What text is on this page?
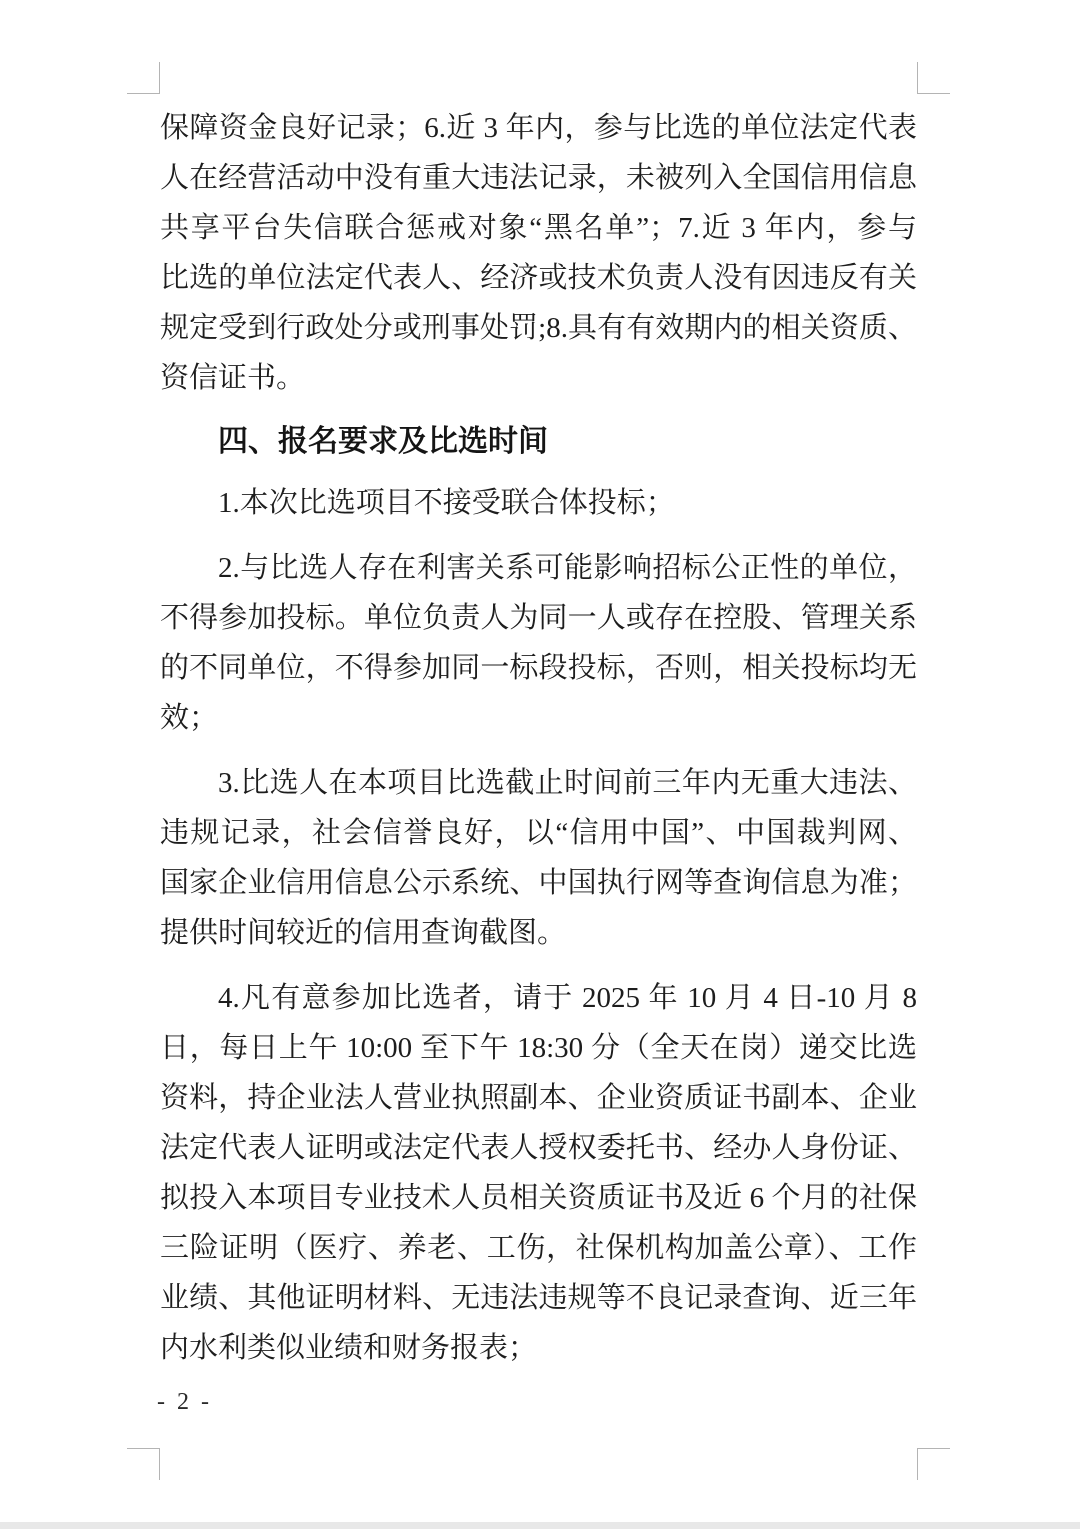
保障资金良好记录；6.近 3 年内，参与比选的单位法定代表
人在经营活动中没有重大违法记录，未被列入全国信用信息
共享平台失信联合惩戒对象“黑名单”；7.近 3 年内，参与
比选的单位法定代表人、经济或技术负责人没有因违反有关
规定受到行政处分或刑事处罚;8.具有有效期内的相关资质、
资信证书。
四、报名要求及比选时间
1.本次比选项目不接受联合体投标；
2.与比选人存在利害关系可能影响招标公正性的单位，
不得参加投标。单位负责人为同一人或存在控股、管理关系
的不同单位，不得参加同一标段投标，否则，相关投标均无
效；
3.比选人在本项目比选截止时间前三年内无重大违法、
违规记录，社会信誉良好，以“信用中国”、中国裁判网、
国家企业信用信息公示系统、中国执行网等查询信息为准；
提供时间较近的信用查询截图。
4.凡有意参加比选者，请于 2025 年 10 月 4 日-10 月 8
日，每日上午 10:00 至下午 18:30 分（全天在岗）递交比选
资料，持企业法人营业执照副本、企业资质证书副本、企业
法定代表人证明或法定代表人授权委托书、经办人身份证、
拟投入本项目专业技术人员相关资质证书及近 6 个月的社保
三险证明（医疗、养老、工伤，社保机构加盖公章）、工作
业绩、其他证明材料、无违法违规等不良记录查询、近三年
内水利类似业绩和财务报表；
- 2 -
